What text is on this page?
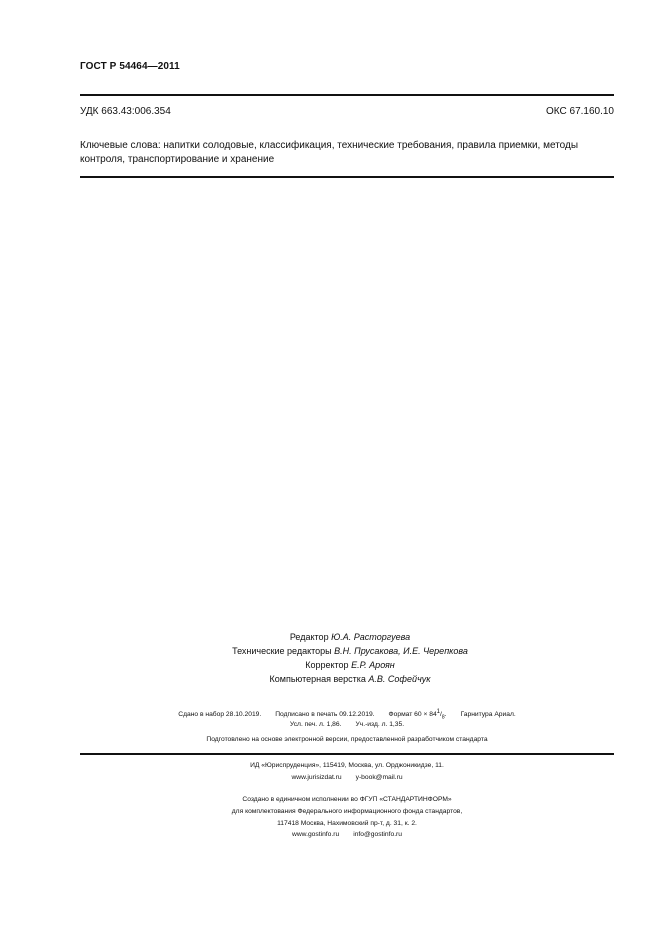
ГОСТ Р 54464—2011
УДК 663.43:006.354	ОКС 67.160.10
Ключевые слова: напитки солодовые, классификация, технические требования, правила приемки, методы контроля, транспортирование и хранение
Редактор Ю.А. Расторгуева
Технические редакторы В.Н. Прусакова, И.Е. Черепкова
Корректор Е.Р. Ароян
Компьютерная верстка А.В. Софейчук
Сдано в набор 28.10.2019. Подписано в печать 09.12.2019. Формат $60 \times 84^1/_8$. Гарнитура Ариал.
Усл. печ. л. 1,86. Уч.-изд. л. 1,35.
Подготовлено на основе электронной версии, предоставленной разработчиком стандарта
ИД «Юриспруденция», 115419, Москва, ул. Орджоникидзе, 11.
www.jurisizdat.ru y-book@mail.ru
Создано в единичном исполнении во ФГУП «СТАНДАРТИНФОРМ»
для комплектования Федерального информационного фонда стандартов,
117418 Москва, Нахимовский пр-т, д. 31, к. 2.
www.gostinfo.ru info@gostinfo.ru
